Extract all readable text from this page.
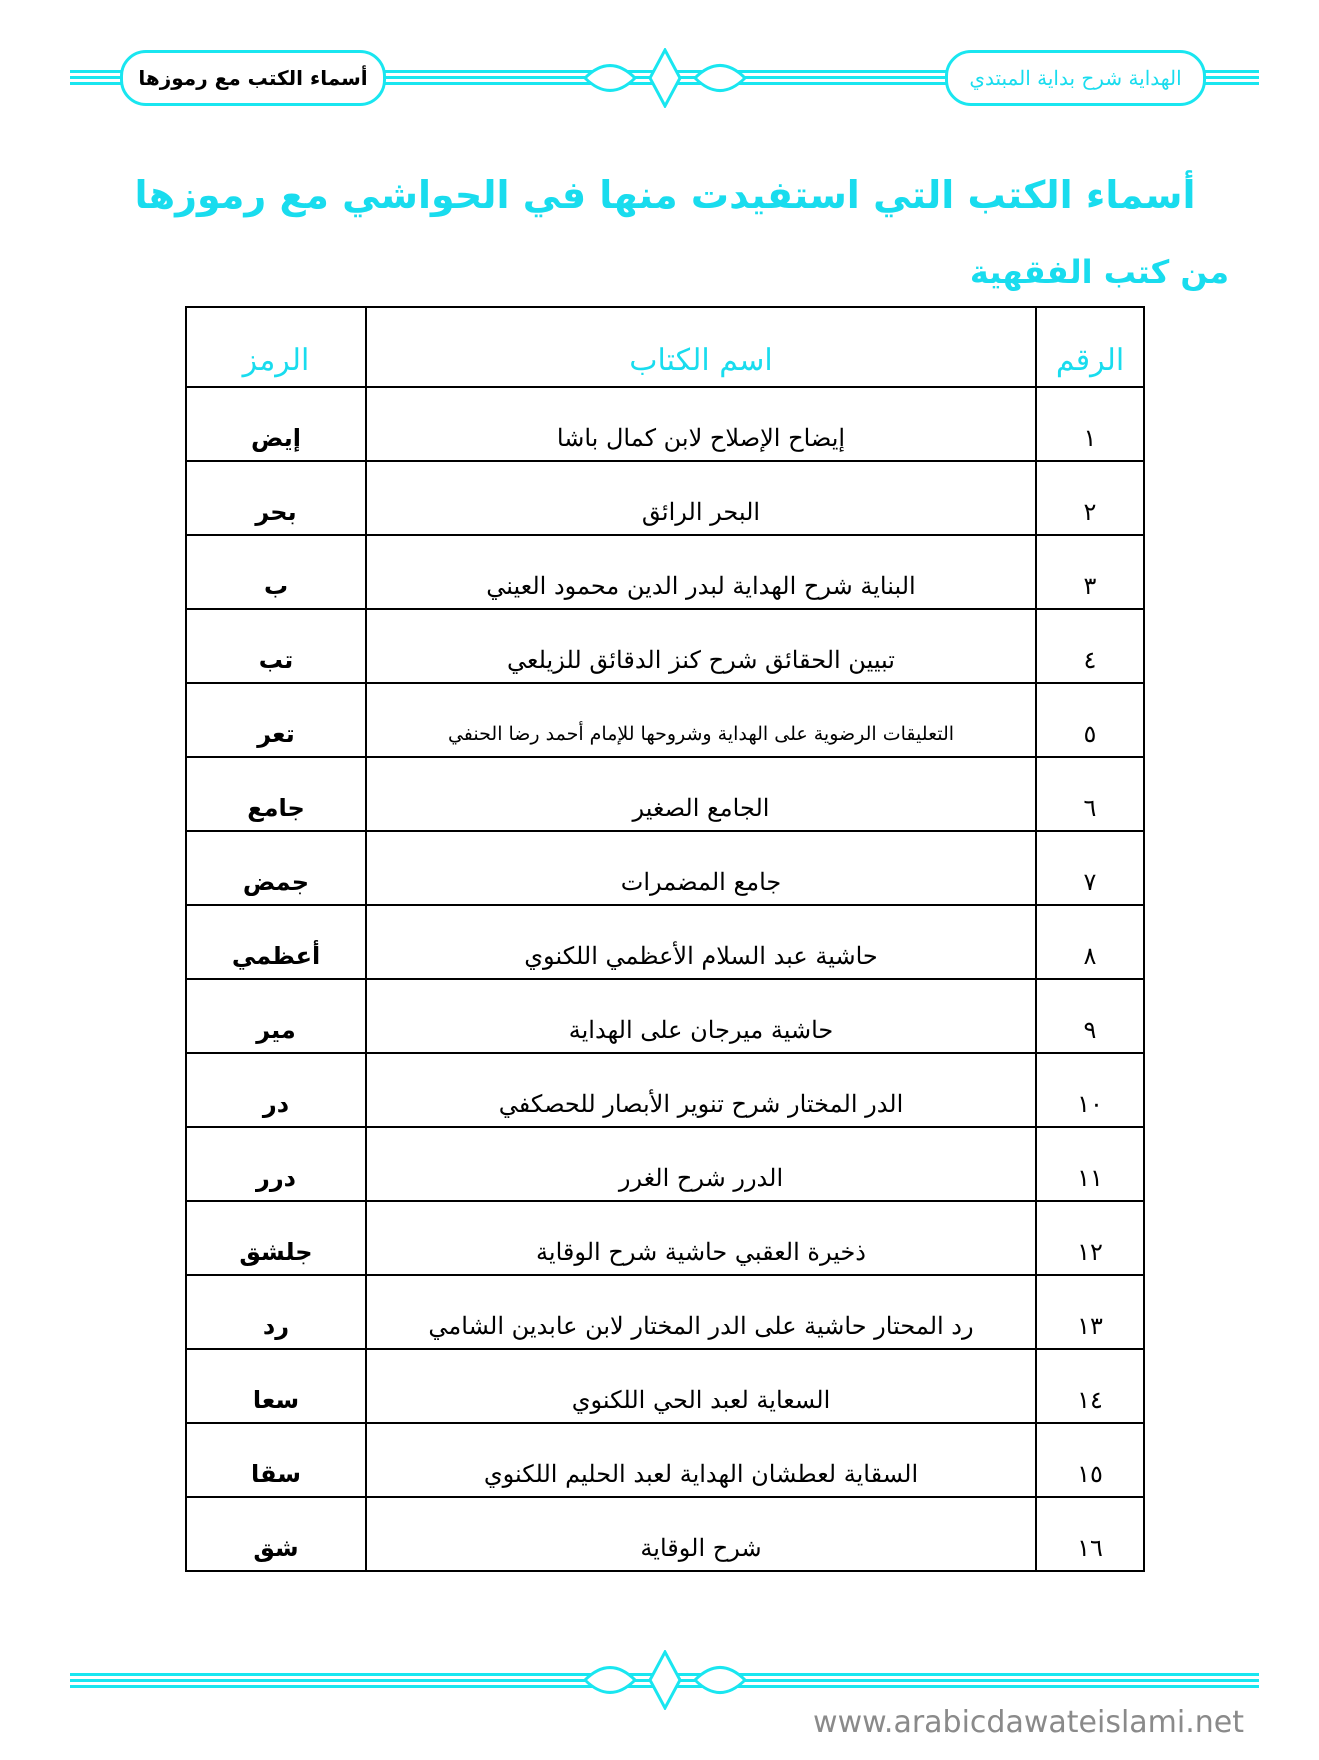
أسماء الكتب مع رموزها	الهداية شرح بداية المبتدي
أسماء الكتب التي استفيدت منها في الحواشي مع رموزها
من كتب الفقهية
الرقم	اسم الكتاب	الرمز
١	إيضاح الإصلاح لابن كمال باشا	إيض
٢	البحر الرائق	بحر
٣	البناية شرح الهداية لبدر الدين محمود العيني	ب
٤	تبيين الحقائق شرح كنز الدقائق للزيلعي	تب
٥	التعليقات الرضوية على الهداية وشروحها للإمام أحمد رضا الحنفي	تعر
٦	الجامع الصغير	جامع
٧	جامع المضمرات	جمض
٨	حاشية عبد السلام الأعظمي اللكنوي	أعظمي
٩	حاشية ميرجان على الهداية	مير
١٠	الدر المختار شرح تنوير الأبصار للحصكفي	در
١١	الدرر شرح الغرر	درر
١٢	ذخيرة العقبي حاشية شرح الوقاية	جلشق
١٣	رد المحتار حاشية على الدر المختار لابن عابدين الشامي	رد
١٤	السعاية لعبد الحي اللكنوي	سعا
١٥	السقاية لعطشان الهداية لعبد الحليم اللكنوي	سقا
١٦	شرح الوقاية	شق
www.arabicdawateislami.net
